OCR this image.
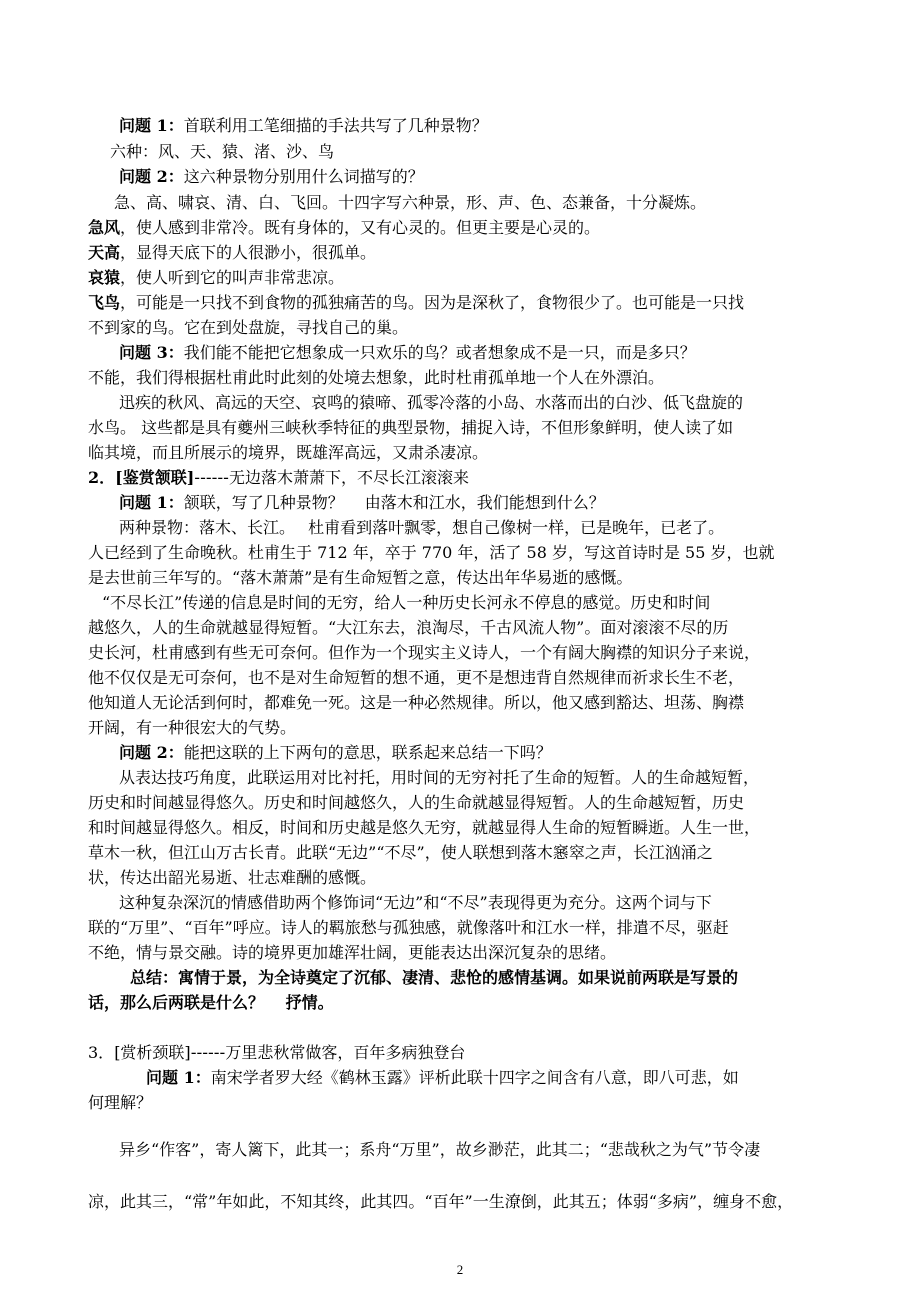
问题 1：首联利用工笔细描的手法共写了几种景物？
六种：风、天、猿、渚、沙、鸟
问题 2：这六种景物分别用什么词描写的？
急、高、啸哀、清、白、飞回。十四字写六种景，形、声、色、态兼备，十分凝炼。
急风，使人感到非常冷。既有身体的，又有心灵的。但更主要是心灵的。
天高，显得天底下的人很渺小，很孤单。
哀猿，使人听到它的叫声非常悲凉。
飞鸟，可能是一只找不到食物的孤独痛苦的鸟。因为是深秋了，食物很少了。也可能是一只找
不到家的鸟。它在到处盘旋，寻找自己的巢。
问题 3：我们能不能把它想象成一只欢乐的鸟？或者想象成不是一只，而是多只？
不能，我们得根据杜甫此时此刻的处境去想象，此时杜甫孤单地一个人在外漂泊。
迅疾的秋风、高远的天空、哀鸣的猿啼、孤零冷落的小岛、水落而出的白沙、低飞盘旋的
水鸟。 这些都是具有夔州三峡秋季特征的典型景物，捕捉入诗，不但形象鲜明，使人读了如
临其境，而且所展示的境界，既雄浑高远，又肃杀凄凉。
2．[鉴赏颔联]------无边落木萧萧下，不尽长江滚滚来
问题 1：颔联，写了几种景物？　 由落木和江水，我们能想到什么？
两种景物：落木、长江。　 杜甫看到落叶飘零，想自己像树一样，已是晚年，已老了。
人已经到了生命晚秋。杜甫生于 712 年，卒于 770 年，活了 58 岁，写这首诗时是 55 岁，也就
是去世前三年写的。“落木萧萧”是有生命短暂之意，传达出年华易逝的感慨。
“不尽长江”传递的信息是时间的无穷，给人一种历史长河永不停息的感觉。历史和时间
越悠久，人的生命就越显得短暂。“大江东去，浪淘尽，千古风流人物”。面对滚滚不尽的历
史长河，杜甫感到有些无可奈何。但作为一个现实主义诗人，一个有阔大胸襟的知识分子来说，
他不仅仅是无可奈何，也不是对生命短暂的想不通，更不是想违背自然规律而祈求长生不老，
他知道人无论活到何时，都难免一死。这是一种必然规律。所以，他又感到豁达、坦荡、胸襟
开阔，有一种很宏大的气势。
问题 2：能把这联的上下两句的意思，联系起来总结一下吗？
从表达技巧角度，此联运用对比衬托，用时间的无穷衬托了生命的短暂。人的生命越短暂，
历史和时间越显得悠久。历史和时间越悠久，人的生命就越显得短暂。人的生命越短暂，历史
和时间越显得悠久。相反，时间和历史越是悠久无穷，就越显得人生命的短暂瞬逝。人生一世，
草木一秋，但江山万古长青。此联“无边”“不尽”，使人联想到落木窸窣之声，长江汹涌之
状，传达出韶光易逝、壮志难酬的感慨。
这种复杂深沉的情感借助两个修饰词“无边”和“不尽”表现得更为充分。这两个词与下
联的“万里”、“百年”呼应。诗人的羁旅愁与孤独感，就像落叶和江水一样，排遣不尽，驱赶
不绝，情与景交融。诗的境界更加雄浑壮阔，更能表达出深沉复杂的思绪。
总结：寓情于景，为全诗奠定了沉郁、凄清、悲怆的感情基调。如果说前两联是写景的
话，那么后两联是什么？　 抒情。
3．[赏析颈联]------万里悲秋常做客，百年多病独登台
问题 1：南宋学者罗大经《鹤林玉露》评析此联十四字之间含有八意，即八可悲，如
何理解？
异乡“作客”，寄人篱下，此其一；系舟“万里”，故乡渺茫，此其二；“悲哉秋之为气”节令凄
凉，此其三，“常”年如此，不知其终，此其四。“百年”一生潦倒，此其五；体弱“多病”，缠身不愈，
2
